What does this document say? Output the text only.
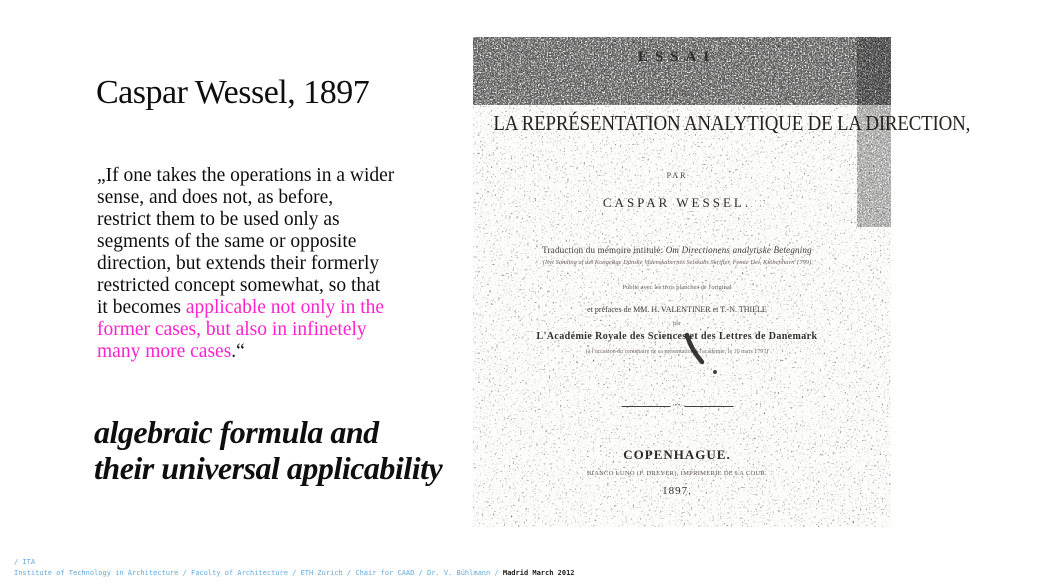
Caspar Wessel, 1897
„If one takes the operations in a wider
sense, and does not, as before,
restrict them to be used only as
segments of the same or opposite
direction, but extends their formerly
restricted concept somewhat, so that
it becomes applicable not only in the
former cases, but also in infinetely
many more cases.“
algebraic formula and
their universal applicability
ESSAI
SUR
LA REPRÉSENTATION ANALYTIQUE DE LA DIRECTION,
PAR
CASPAR WESSEL.
Traduction du mémoire intitulé: Om Directionens analytiske Betegning
(Nyt Samling af det Kongelige Danske Videnskabernes Selskabs Skrifter, Femte Del, Kiöbenhavn 1799)
Publié avec les trois planches de l'original
et préfaces de MM. H. VALENTINER et T.-N. THIELE
par
L'Académie Royale des Sciences et des Lettres de Danemark
(à l'occasion du centenaire de sa présentation à l'académie, le 10 mars 1797)
·•¦•·
COPENHAGUE.
BIANCO LUNO (F. DREYER), IMPRIMERIE DE LA COUR.
1897.
/ ITA
Institute of Technology in Architecture / Faculty of Architecture / ETH Zurich / Chair for CAAD / Dr. V. Bühlmann / Madrid March 2012
